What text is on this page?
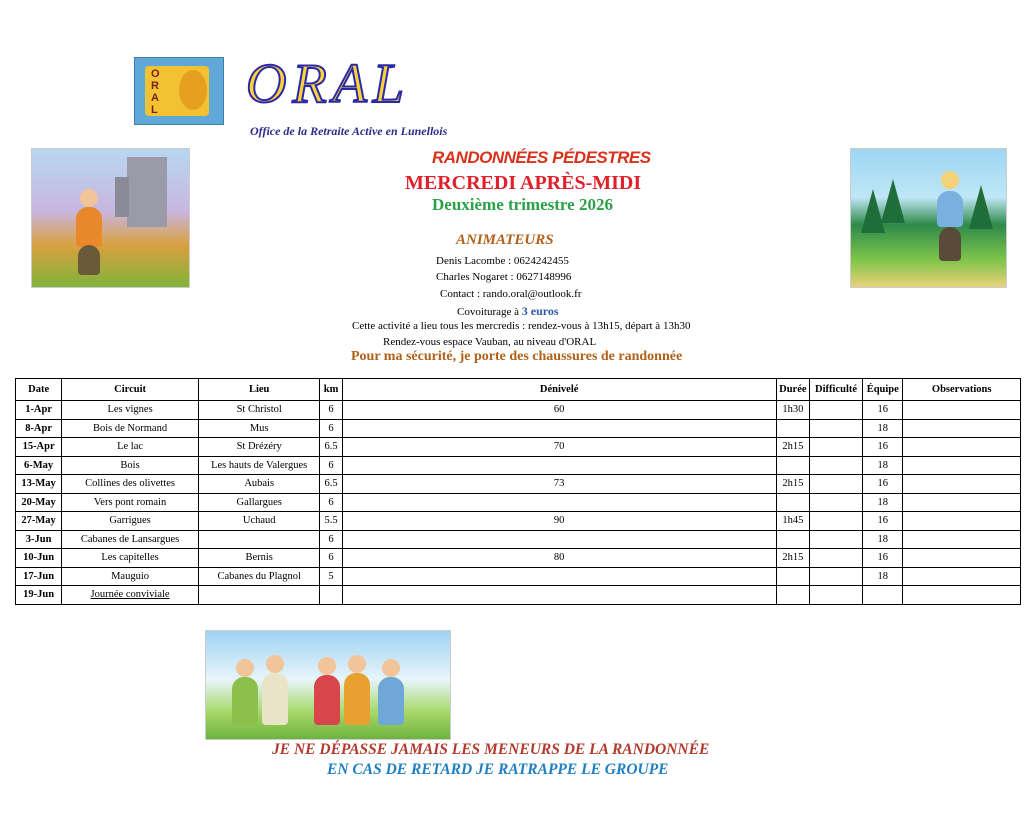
O
R
A
L ORAL
Office de la Retraite Active en Lunellois
RANDONNÉES PÉDESTRES
MERCREDI APRÈS-MIDI
Deuxième trimestre 2026
ANIMATEURS
Denis Lacombe : 0624242455
Charles Nogaret : 0627148996
Contact : rando.oral@outlook.fr
Covoiturage à 3 euros
Cette activité a lieu tous les mercredis : rendez-vous à 13h15, départ à 13h30
Rendez-vous espace Vauban, au niveau d'ORAL
Pour ma sécurité, je porte des chaussures de randonnée
Date	Circuit	Lieu	km	Dénivelé	Durée	Difficulté	Équipe	Observations
1-Apr	Les vignes	St Christol	6	60	1h30		16	
8-Apr	Bois de Normand	Mus	6				18	
15-Apr	Le lac	St Drézéry	6.5	70	2h15		16	
6-May	Bois	Les hauts de Valergues	6				18	
13-May	Collines des olivettes	Aubais	6.5	73	2h15		16	
20-May	Vers pont romain	Gallargues	6				18	
27-May	Garrigues	Uchaud	5.5	90	1h45		16	
3-Jun	Cabanes de Lansargues		6				18	
10-Jun	Les capitelles	Bernis	6	80	2h15		16	
17-Jun	Mauguio	Cabanes du Plagnol	5				18	
19-Jun	Journée conviviale							
JE NE DÉPASSE JAMAIS LES MENEURS DE LA RANDONNÉE
EN CAS DE RETARD JE RATRAPPE LE GROUPE
